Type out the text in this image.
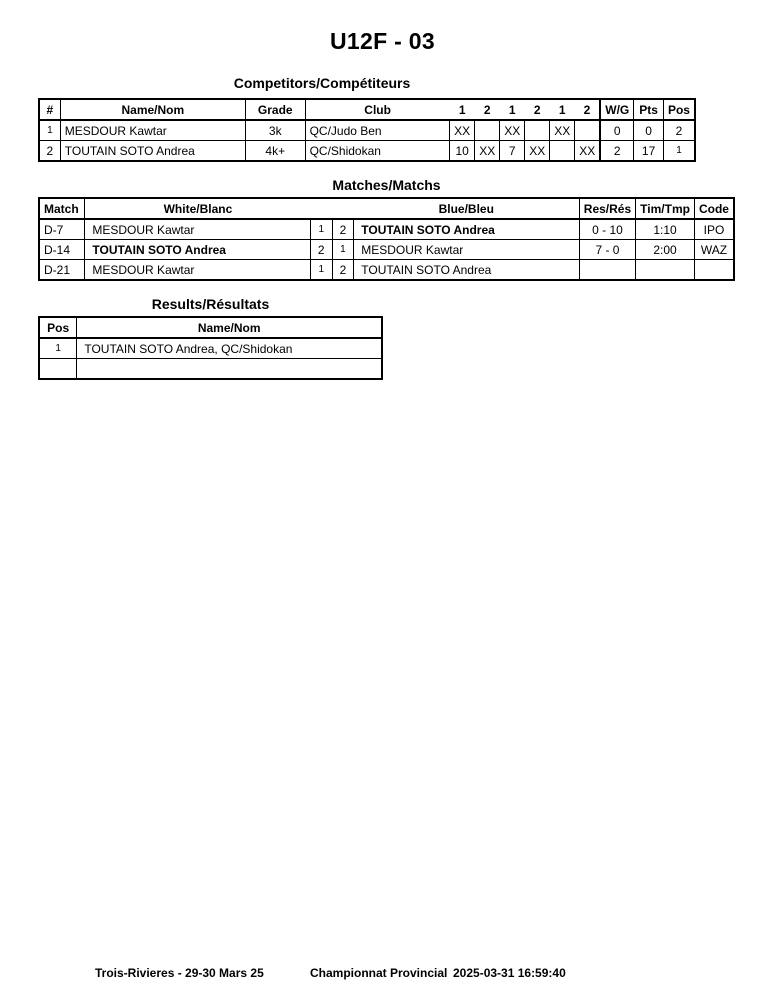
U12F - 03
Competitors/Compétiteurs
#	Name/Nom	Grade	Club	1	2	1	2	1	2	W/G	Pts	Pos
1	MESDOUR Kawtar	3k	QC/Judo Ben	XX		XX		XX		0	0	2
2	TOUTAIN SOTO Andrea	4k+	QC/Shidokan	10	XX	7	XX		XX	2	17	1
Matches/Matchs
Match	White/Blanc			Blue/Bleu	Res/Rés	Tim/Tmp	Code
D-7	MESDOUR Kawtar	1	2	TOUTAIN SOTO Andrea	0 - 10	1:10	IPO
D-14	TOUTAIN SOTO Andrea	2	1	MESDOUR Kawtar	7 - 0	2:00	WAZ
D-21	MESDOUR Kawtar	1	2	TOUTAIN SOTO Andrea			
Results/Résultats
Pos	Name/Nom
1	TOUTAIN SOTO Andrea, QC/Shidokan

Trois-Rivieres - 29-30 Mars 25	Championnat Provincial 2025-03-31 16:59:40
